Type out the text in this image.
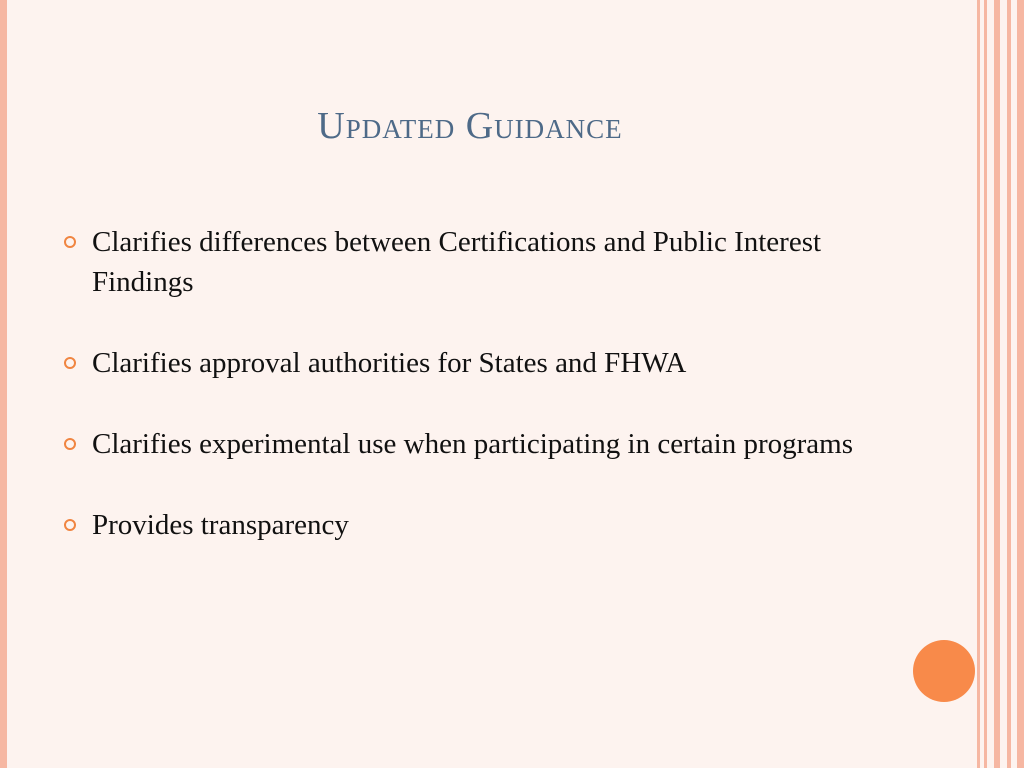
Updated Guidance
Clarifies differences between Certifications and Public Interest Findings
Clarifies approval authorities for States and FHWA
Clarifies experimental use when participating in certain programs
Provides transparency
